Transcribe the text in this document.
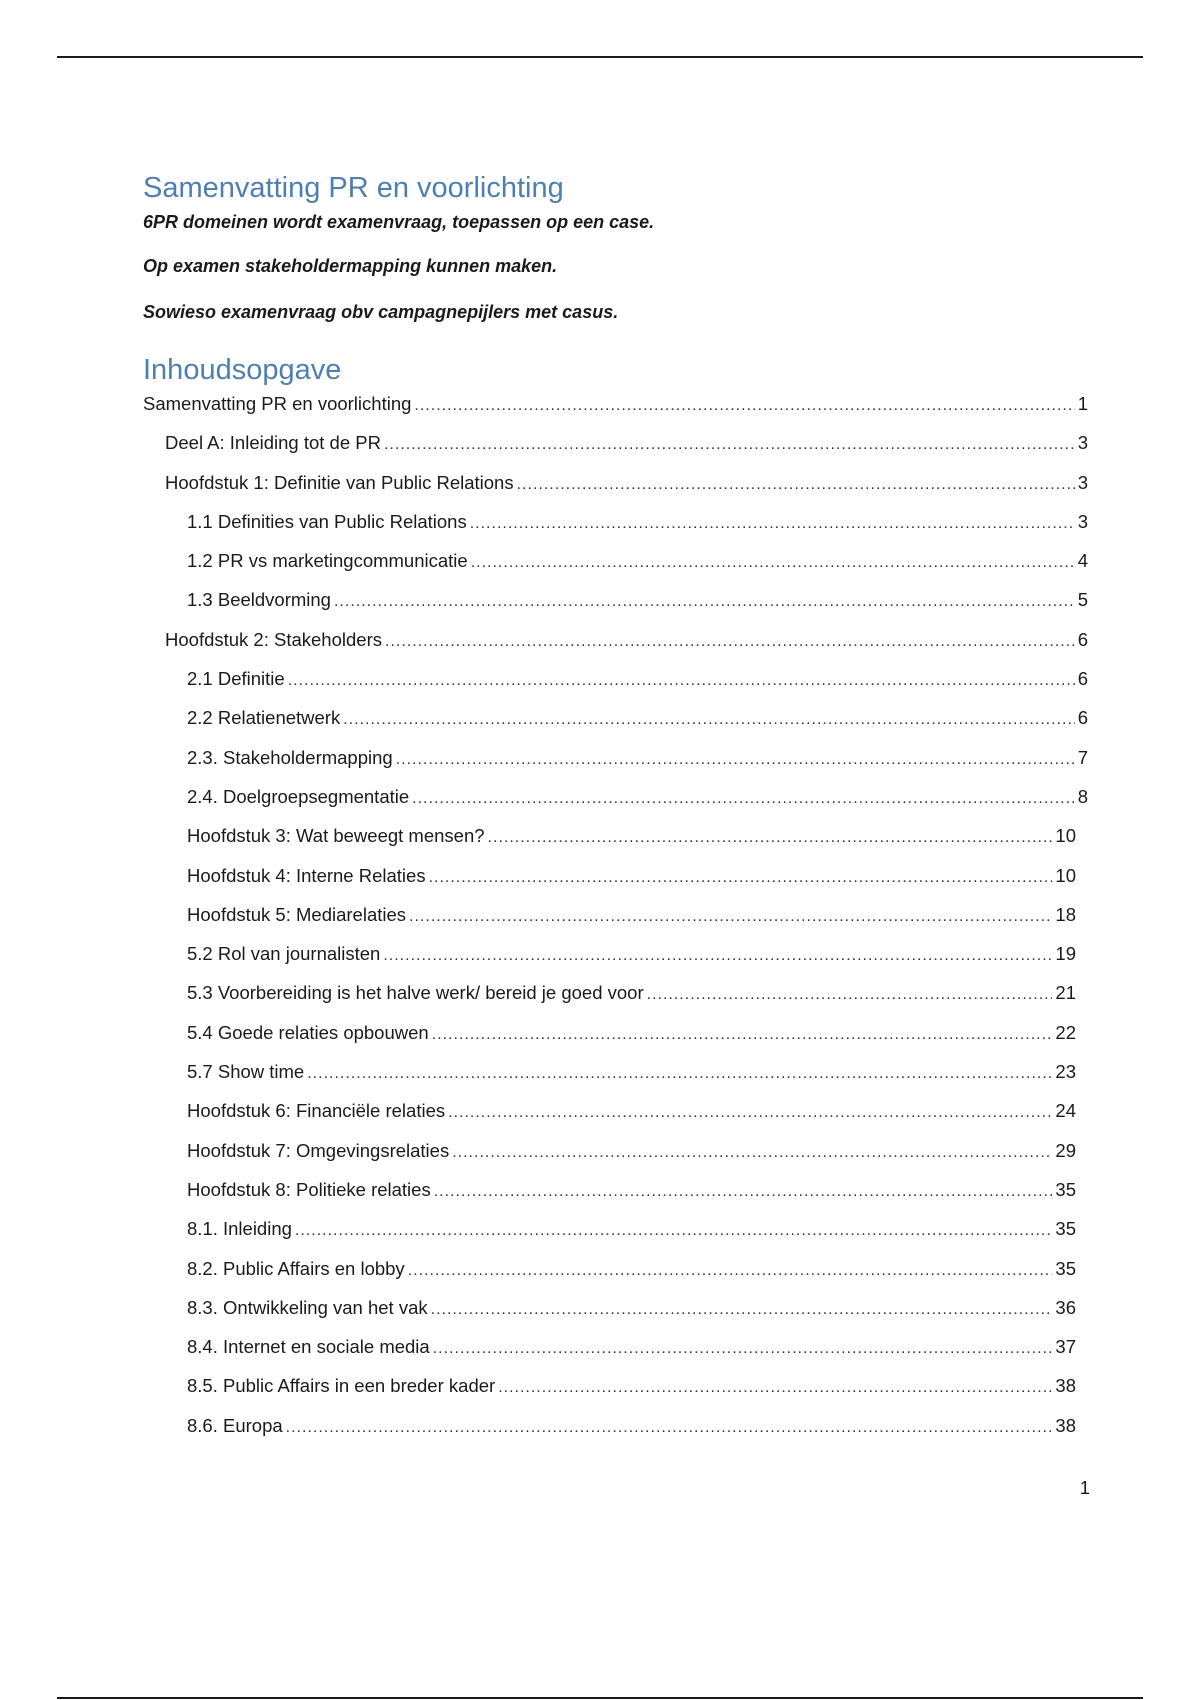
Samenvatting PR en voorlichting

6PR domeinen wordt examenvraag, toepassen op een case.

Op examen stakeholdermapping kunnen maken.

Sowieso examenvraag obv campagnepijlers met casus.

Inhoudsopgave
Samenvatting PR en voorlichting .....	1
Deel A: Inleiding tot de PR .....	3
Hoofdstuk 1: Definitie van Public Relations .....	3
1.1 Definities van Public Relations .....	3
1.2 PR vs marketingcommunicatie .....	4
1.3 Beeldvorming .....	5
Hoofdstuk 2: Stakeholders .....	6
2.1 Definitie .....	6
2.2 Relatienetwerk .....	6
2.3. Stakeholdermapping .....	7
2.4. Doelgroepsegmentatie .....	8
Hoofdstuk 3: Wat beweegt mensen? .....	10
Hoofdstuk 4: Interne Relaties .....	10
Hoofdstuk 5: Mediarelaties .....	18
5.2 Rol van journalisten .....	19
5.3 Voorbereiding is het halve werk/ bereid je goed voor .....	21
5.4 Goede relaties opbouwen .....	22
5.7 Show time .....	23
Hoofdstuk 6: Financiële relaties .....	24
Hoofdstuk 7: Omgevingsrelaties .....	29
Hoofdstuk 8: Politieke relaties .....	35
8.1. Inleiding .....	35
8.2. Public Affairs en lobby .....	35
8.3. Ontwikkeling van het vak .....	36
8.4. Internet en sociale media .....	37
8.5. Public Affairs in een breder kader .....	38
8.6. Europa .....	38
1
